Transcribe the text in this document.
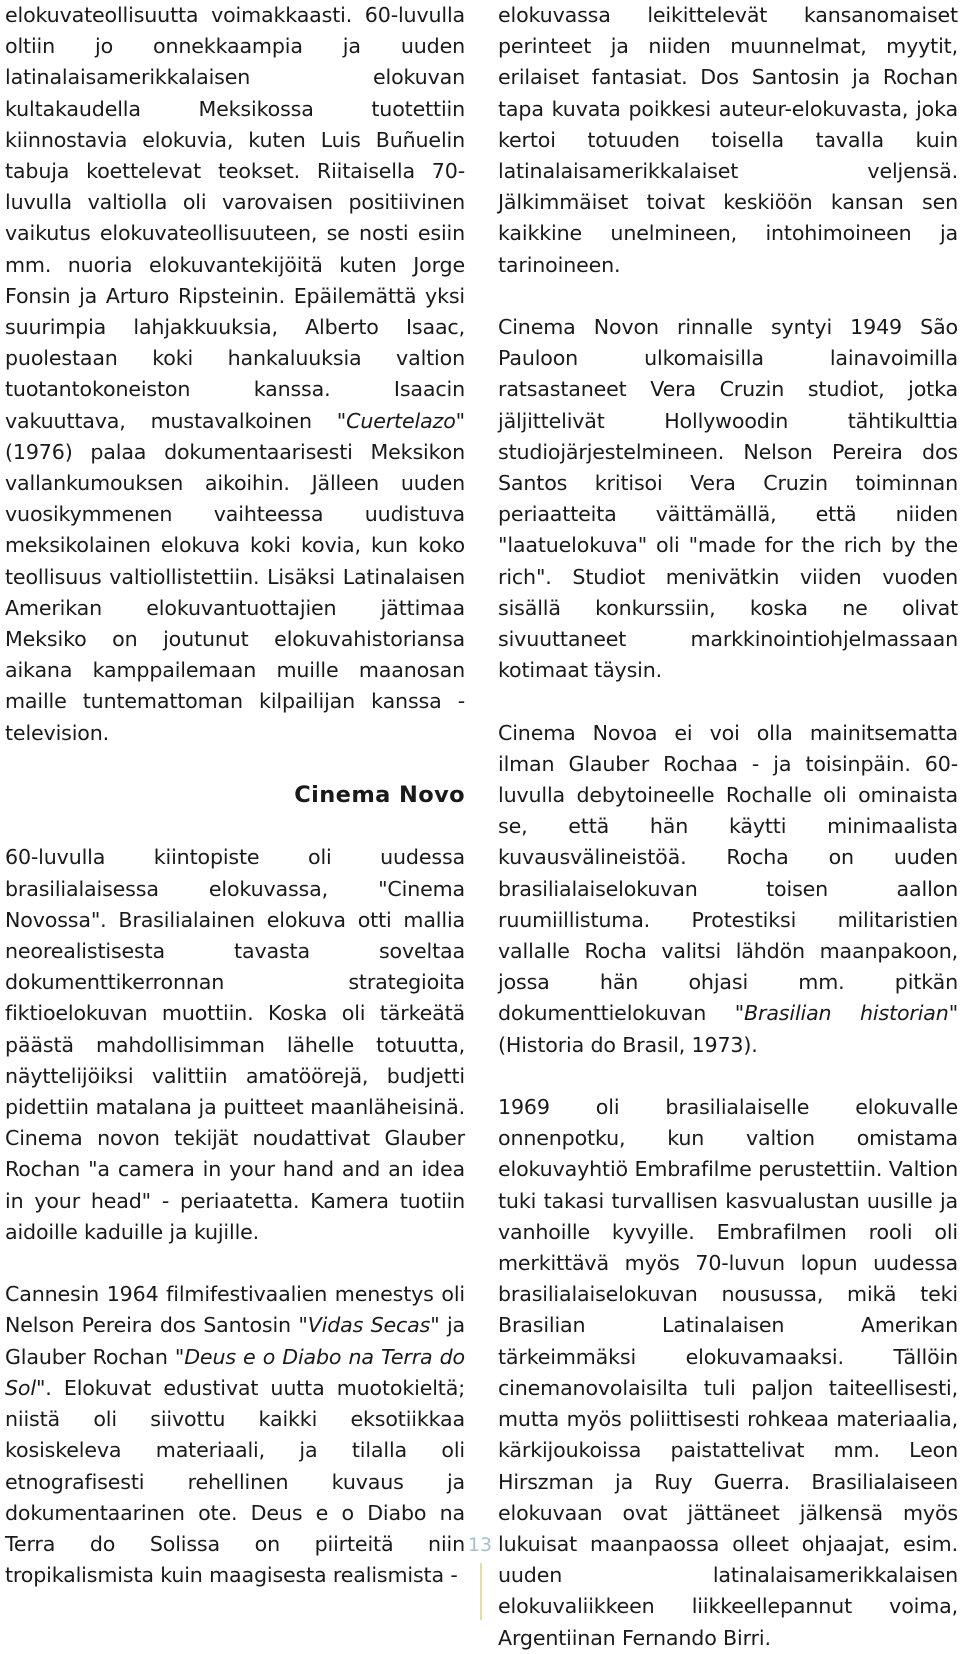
elokuvateollisuutta voimakkaasti. 60-luvulla oltiin jo onnekkaampia ja uuden latinalaisamerikkalaisen elokuvan kultakaudella Meksikossa tuotettiin kiinnostavia elokuvia, kuten Luis Buñuelin tabuja koettelevat teokset. Riitaisella 70-luvulla valtiolla oli varovaisen positiivinen vaikutus elokuvateollisuuteen, se nosti esiin mm. nuoria elokuvantekijöitä kuten Jorge Fonsin ja Arturo Ripsteinin. Epäilemättä yksi suurimpia lahjakkuuksia, Alberto Isaac, puolestaan koki hankaluuksia valtion tuotantokoneiston kanssa. Isaacin vakuuttava, mustavalkoinen "Cuertelazo" (1976) palaa dokumentaarisesti Meksikon vallankumouksen aikoihin. Jälleen uuden vuosikymmenen vaihteessa uudistuva meksikolainen elokuva koki kovia, kun koko teollisuus valtiollistettiin. Lisäksi Latinalaisen Amerikan elokuvantuottajien jättimaa Meksiko on joutunut elokuvahistoriansa aikana kamppailemaan muille maanosan maille tuntemattoman kilpailijan kanssa - television.

Cinema Novo

60-luvulla kiintopiste oli uudessa brasilialaisessa elokuvassa, "Cinema Novossa". Brasilialainen elokuva otti mallia neorealistisesta tavasta soveltaa dokumenttikerronnan strategioita fiktioelokuvan muottiin. Koska oli tärkeätä päästä mahdollisimman lähelle totuutta, näyttelijöiksi valittiin amatöörejä, budjetti pidettiin matalana ja puitteet maanläheisinä. Cinema novon tekijät noudattivat Glauber Rochan "a camera in your hand and an idea in your head" - periaatetta. Kamera tuotiin aidoille kaduille ja kujille.

Cannesin 1964 filmifestivaalien menestys oli Nelson Pereira dos Santosin "Vidas Secas" ja Glauber Rochan "Deus e o Diabo na Terra do Sol". Elokuvat edustivat uutta muotokieltä; niistä oli siivottu kaikki eksotiikkaa kosiskeleva materiaali, ja tilalla oli etnografisesti rehellinen kuvaus ja dokumentaarinen ote. Deus e o Diabo na Terra do Solissa on piirteitä niin tropikalismista kuin maagisesta realismista -

elokuvassa leikittelevät kansanomaiset perinteet ja niiden muunnelmat, myytit, erilaiset fantasiat. Dos Santosin ja Rochan tapa kuvata poikkesi auteur-elokuvasta, joka kertoi totuuden toisella tavalla kuin latinalaisamerikkalaiset veljensä. Jälkimmäiset toivat keskiöön kansan sen kaikkine unelmineen, intohimoineen ja tarinoineen.

Cinema Novon rinnalle syntyi 1949 São Pauloon ulkomaisilla lainavoimilla ratsastaneet Vera Cruzin studiot, jotka jäljittelivät Hollywoodin tähtikulttia studiojärjestelmineen. Nelson Pereira dos Santos kritisoi Vera Cruzin toiminnan periaatteita väittämällä, että niiden "laatuelokuva" oli "made for the rich by the rich". Studiot menivätkin viiden vuoden sisällä konkurssiin, koska ne olivat sivuuttaneet markkinointiohjelmassaan kotimaat täysin.

Cinema Novoa ei voi olla mainitsematta ilman Glauber Rochaa - ja toisinpäin. 60-luvulla debytoineelle Rochalle oli ominaista se, että hän käytti minimaalista kuvausvälineistöä. Rocha on uuden brasilialaiselokuvan toisen aallon ruumiillistuma. Protestiksi militaristien vallalle Rocha valitsi lähdön maanpakoon, jossa hän ohjasi mm. pitkän dokumenttielokuvan "Brasilian historian" (Historia do Brasil, 1973).

1969 oli brasilialaiselle elokuvalle onnenpotku, kun valtion omistama elokuvayhtiö Embrafilme perustettiin. Valtion tuki takasi turvallisen kasvualustan uusille ja vanhoille kyvyille. Embrafilmen rooli oli merkittävä myös 70-luvun lopun uudessa brasilialaiselokuvan nousussa, mikä teki Brasilian Latinalaisen Amerikan tärkeimmäksi elokuvamaaksi. Tällöin cinemanovolaisilta tuli paljon taiteellisesti, mutta myös poliittisesti rohkeaa materiaalia, kärkijoukoissa paistattelivat mm. Leon Hirszman ja Ruy Guerra. Brasilialaiseen elokuvaan ovat jättäneet jälkensä myös lukuisat maanpaossa olleet ohjaajat, esim. uuden latinalaisamerikkalaisen elokuvaliikkeen liikkeellepannut voima, Argentiinan Fernando Birri.

13
